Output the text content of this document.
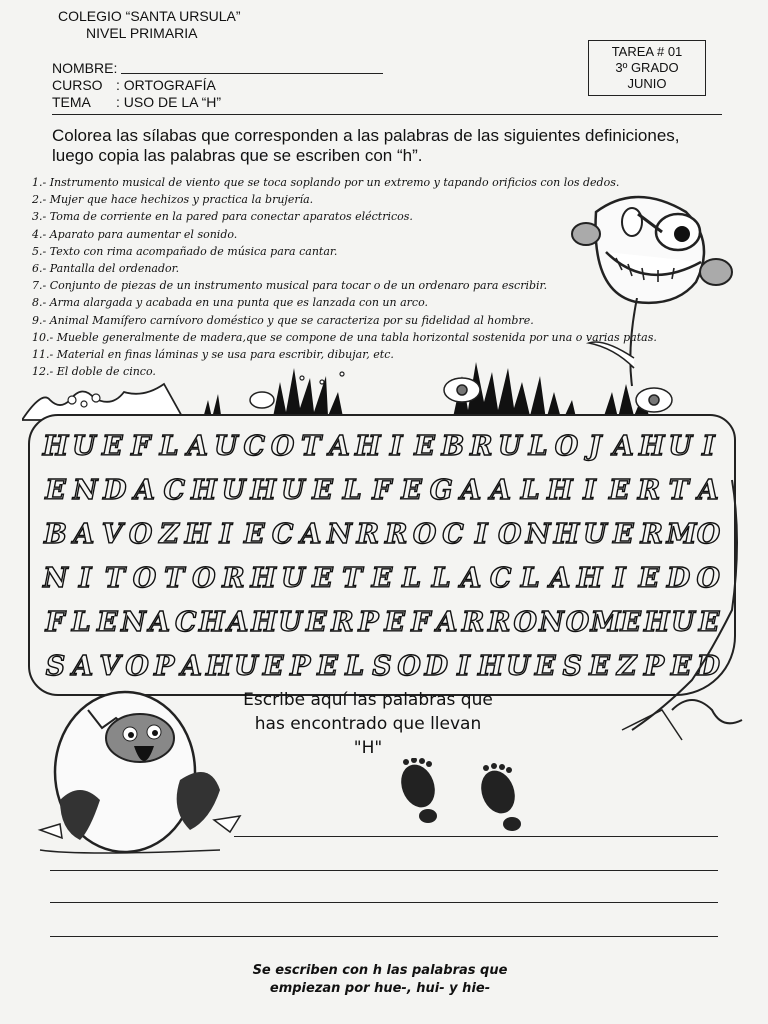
COLEGIO “SANTA URSULA”
NIVEL PRIMARIA
NOMBRE:
CURSO : ORTOGRAFÍA
TEMA	: USO DE LA “H”
TAREA # 01
3º GRADO
JUNIO
Colorea las sílabas que corresponden a las palabras de las siguientes definiciones, luego copia las palabras que se escriben con “h”.
1.- Instrumento musical de viento que se toca soplando por un extremo y tapando orificios con los dedos.
2.- Mujer que hace hechizos y practica la brujería.
3.- Toma de corriente en la pared para conectar aparatos eléctricos.
4.- Aparato para aumentar el sonido.
5.- Texto con rima acompañado de música para cantar.
6.- Pantalla del ordenador.
7.- Conjunto de piezas de un instrumento musical para tocar o de un ordenaro para escribir.
8.- Arma alargada y acabada en una punta que es lanzada con un arco.
9.- Animal Mamífero carnívoro doméstico y que se caracteriza por su fidelidad al hombre.
10.- Mueble generalmente de madera,que se compone de una tabla horizontal sostenida por una o varias patas.
11.- Material en finas láminas y se usa para escribir, dibujar, etc.
12.- El doble de cinco.
H U E F L A U C O T A H I E B R U L O J A H U I
E N D A C H U H U E L F E G A A L H I E R T A
B A V O Z H I E C A N R R O C I O N H U E R M O
N I T O T O R H U E T E L L A C L A H I E D O
F L E N A C H A H U E R P E F A R R O N O M E H U E
S A V O P A H U E P E L S O D I H U E S E Z P E D
Escribe aquí las palabras que
has encontrado que llevan
"H"
Se escriben con h las palabras que
empiezan por hue-, hui- y hie-
